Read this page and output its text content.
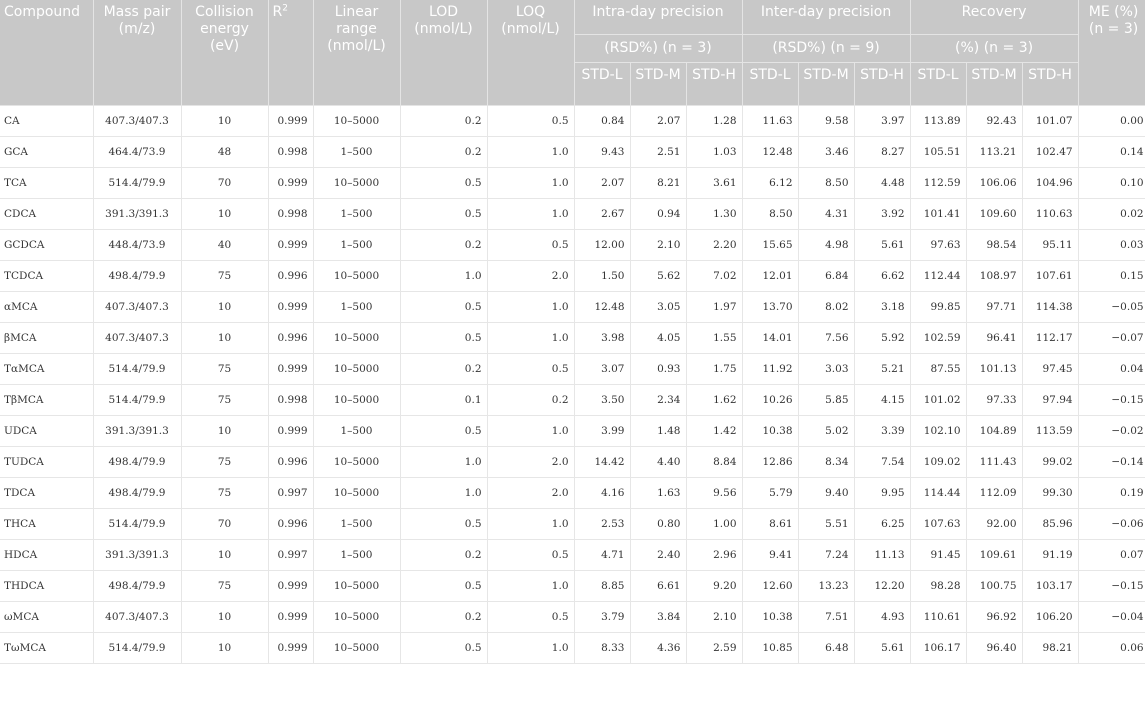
Compound	Mass pair (m/z)	Collision energy (eV)	$R^2$	Linear range (nmol/L)	LOD (nmol/L)	LOQ (nmol/L)	Intra-day precision			Inter-day precision			Recovery			ME (%) (n = 3)
							(RSD%) (n = 3)			(RSD%) (n = 9)			(%) (n = 3)			
							STD-L	STD-M	STD-H	STD-L	STD-M	STD-H	STD-L	STD-M	STD-H	
CA	407.3/407.3	10	0.999	10–5000	0.2	0.5	0.84	2.07	1.28	11.63	9.58	3.97	113.89	92.43	101.07	0.00
GCA	464.4/73.9	48	0.998	1–500	0.2	1.0	9.43	2.51	1.03	12.48	3.46	8.27	105.51	113.21	102.47	0.14
TCA	514.4/79.9	70	0.999	10–5000	0.5	1.0	2.07	8.21	3.61	6.12	8.50	4.48	112.59	106.06	104.96	0.10
CDCA	391.3/391.3	10	0.998	1–500	0.5	1.0	2.67	0.94	1.30	8.50	4.31	3.92	101.41	109.60	110.63	0.02
GCDCA	448.4/73.9	40	0.999	1–500	0.2	0.5	12.00	2.10	2.20	15.65	4.98	5.61	97.63	98.54	95.11	0.03
TCDCA	498.4/79.9	75	0.996	10–5000	1.0	2.0	1.50	5.62	7.02	12.01	6.84	6.62	112.44	108.97	107.61	0.15
αMCA	407.3/407.3	10	0.999	1–500	0.5	1.0	12.48	3.05	1.97	13.70	8.02	3.18	99.85	97.71	114.38	−0.05
βMCA	407.3/407.3	10	0.996	10–5000	0.5	1.0	3.98	4.05	1.55	14.01	7.56	5.92	102.59	96.41	112.17	−0.07
TαMCA	514.4/79.9	75	0.999	10–5000	0.2	0.5	3.07	0.93	1.75	11.92	3.03	5.21	87.55	101.13	97.45	0.04
TβMCA	514.4/79.9	75	0.998	10–5000	0.1	0.2	3.50	2.34	1.62	10.26	5.85	4.15	101.02	97.33	97.94	−0.15
UDCA	391.3/391.3	10	0.999	1–500	0.5	1.0	3.99	1.48	1.42	10.38	5.02	3.39	102.10	104.89	113.59	−0.02
TUDCA	498.4/79.9	75	0.996	10–5000	1.0	2.0	14.42	4.40	8.84	12.86	8.34	7.54	109.02	111.43	99.02	−0.14
TDCA	498.4/79.9	75	0.997	10–5000	1.0	2.0	4.16	1.63	9.56	5.79	9.40	9.95	114.44	112.09	99.30	0.19
THCA	514.4/79.9	70	0.996	1–500	0.5	1.0	2.53	0.80	1.00	8.61	5.51	6.25	107.63	92.00	85.96	−0.06
HDCA	391.3/391.3	10	0.997	1–500	0.2	0.5	4.71	2.40	2.96	9.41	7.24	11.13	91.45	109.61	91.19	0.07
THDCA	498.4/79.9	75	0.999	10–5000	0.5	1.0	8.85	6.61	9.20	12.60	13.23	12.20	98.28	100.75	103.17	−0.15
ωMCA	407.3/407.3	10	0.999	10–5000	0.2	0.5	3.79	3.84	2.10	10.38	7.51	4.93	110.61	96.92	106.20	−0.04
TωMCA	514.4/79.9	10	0.999	10–5000	0.5	1.0	8.33	4.36	2.59	10.85	6.48	5.61	106.17	96.40	98.21	0.06
